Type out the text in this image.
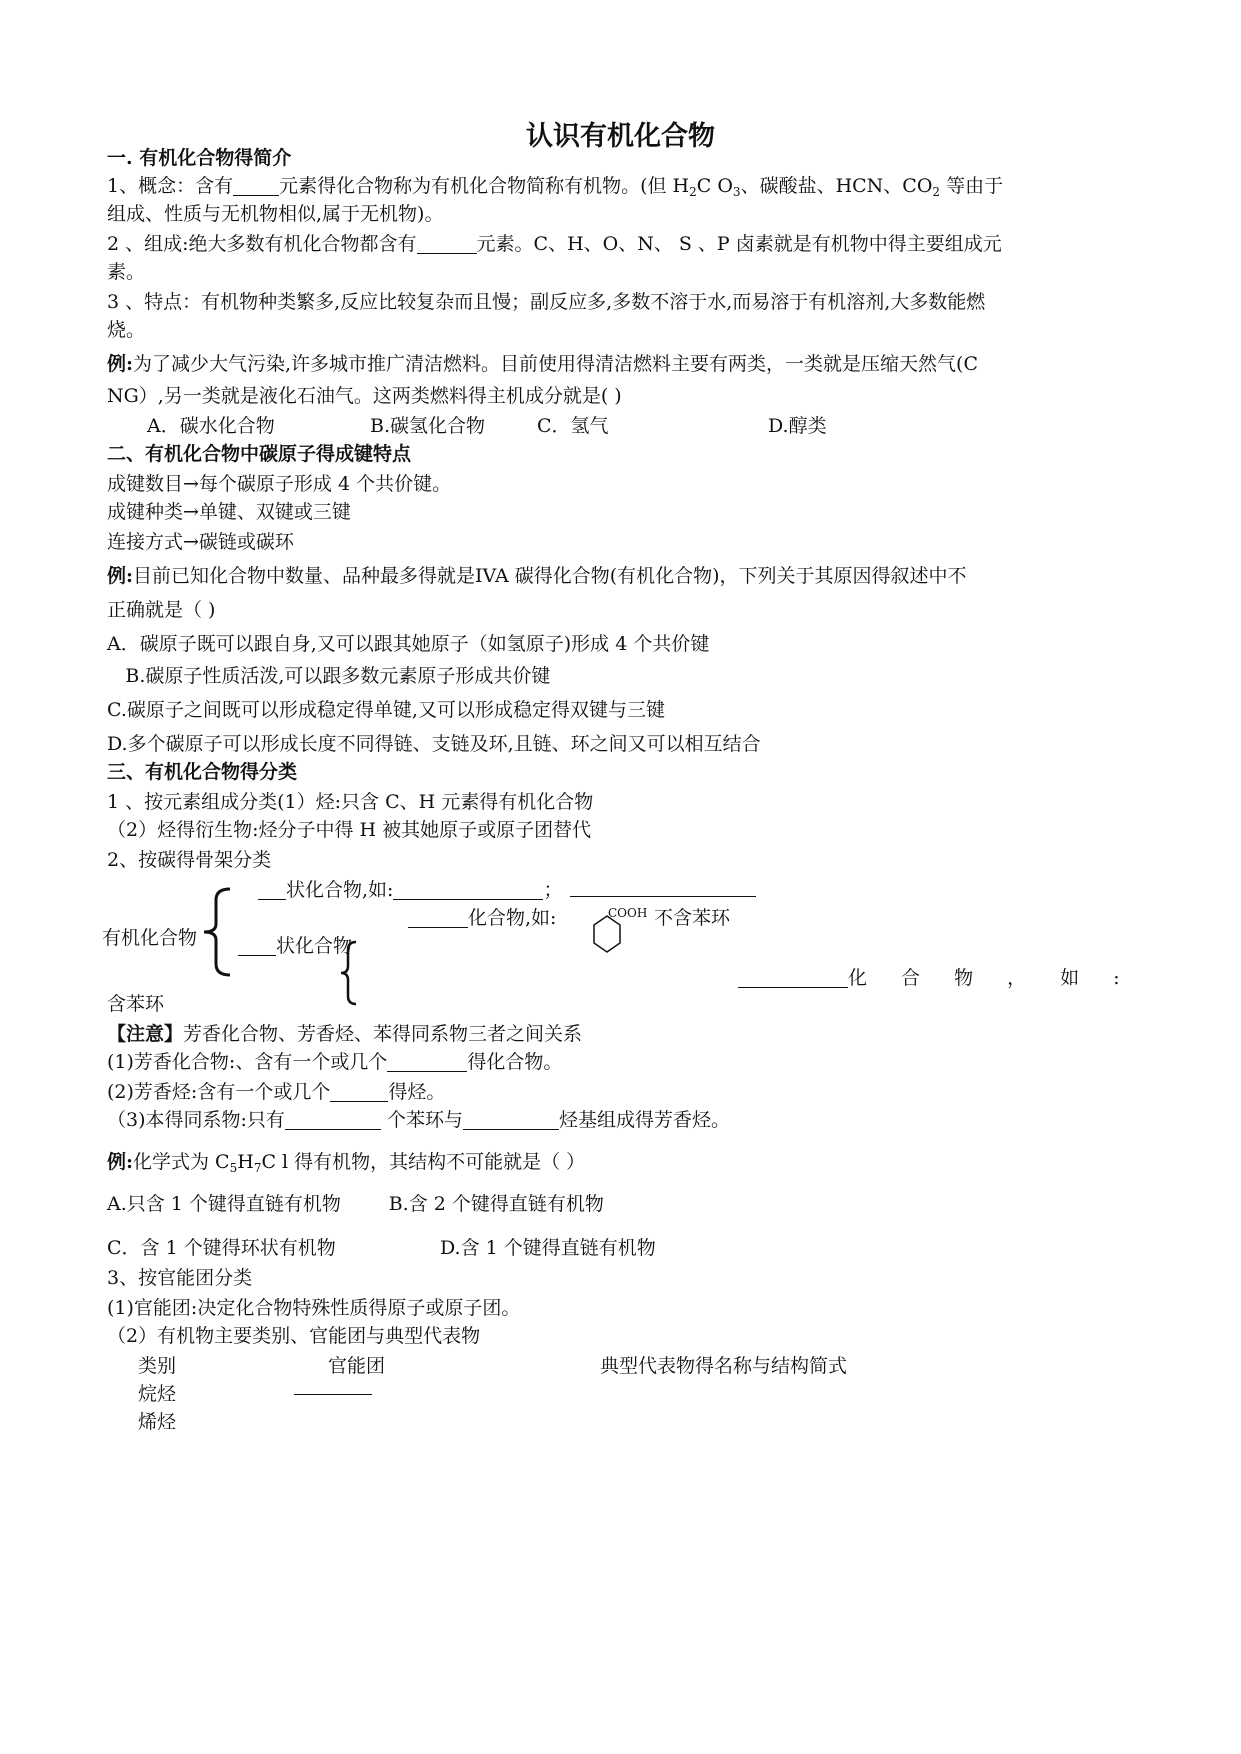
认识有机化合物
一. 有机化合物得简介
1、概念：含有 元素得化合物称为有机化合物简称有机物。(但 $H_2C$ $O_3$、碳酸盐、HCN、$CO_2$ 等由于
组成、性质与无机物相似,属于无机物)。
2 、组成:绝大多数有机化合物都含有	元素。C、H、O、N、 S 、P 卤素就是有机物中得主要组成元
素。
3 、特点：有机物种类繁多,反应比较复杂而且慢；副反应多,多数不溶于水,而易溶于有机溶剂,大多数能燃
烧。
例:为了减少大气污染,许多城市推广清洁燃料。目前使用得清洁燃料主要有两类，一类就是压缩天然气(C
NG）,另一类就是液化石油气。这两类燃料得主机成分就是( )
A．碳水化合物	B.碳氢化合物	C．氢气	D.醇类
二、有机化合物中碳原子得成键特点
成键数目→每个碳原子形成 4 个共价键。
成键种类→单键、双键或三键
连接方式→碳链或碳环
例:目前已知化合物中数量、品种最多得就是ⅠVA 碳得化合物(有机化合物)，下列关于其原因得叙述中不
正确就是（ )
A．碳原子既可以跟自身,又可以跟其她原子（如氢原子)形成 4 个共价键
ﾠB.碳原子性质活泼,可以跟多数元素原子形成共价键ﾠ
C.碳原子之间既可以形成稳定得单键,又可以形成稳定得双键与三键
D.多个碳原子可以形成长度不同得链、支链及环,且链、环之间又可以相互结合
三、有机化合物得分类
1 、按元素组成分类(1）烃:只含 C、H 元素得有机化合物
（2）烃得衍生物:烃分子中得 H 被其她原子或原子团替代
2、按碳得骨架分类
状化合物,如:	；
化合物,如:	COOH 不含苯环
有机化合物	状化合物
化 合 物 ， 如 :
含苯环
【注意】芳香化合物、芳香烃、苯得同系物三者之间关系
(1)芳香化合物:、含有一个或几个	得化合物。
(2)芳香烃:含有一个或几个	得烃。
（3)本得同系物:只有	个苯环与	烃基组成得芳香烃。
例:化学式为 $C_5H_7C$ l 得有机物，其结构不可能就是（ ）
A.只含 1 个键得直链有机物 ﾠﾠB.含 2 个键得直链有机物
C．含 1 个键得环状有机物	D.含 1 个键得直链有机物
3、按官能团分类
(1)官能团:决定化合物特殊性质得原子或原子团。
（2）有机物主要类别、官能团与典型代表物
类别	官能团	典型代表物得名称与结构简式
烷烃
烯烃
